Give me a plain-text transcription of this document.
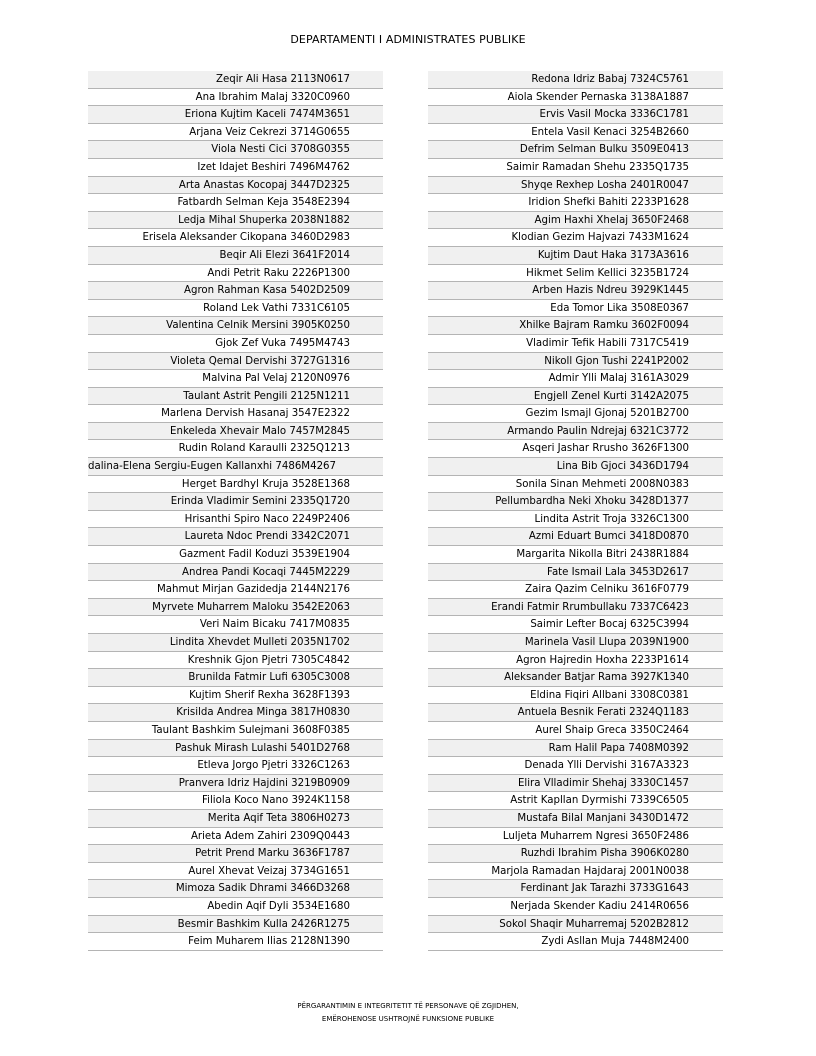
DEPARTAMENTI I ADMINISTRATES PUBLIKE
Zeqir Ali Hasa 2113N0617
Ana Ibrahim Malaj 3320C0960
Eriona Kujtim Kaceli 7474M3651
Arjana Veiz Cekrezi 3714G0655
Viola Nesti Cici 3708G0355
Izet Idajet Beshiri 7496M4762
Arta Anastas Kocopaj 3447D2325
Fatbardh Selman Keja 3548E2394
Ledja Mihal Shuperka 2038N1882
Erisela Aleksander Cikopana 3460D2983
Beqir Ali Elezi 3641F2014
Andi Petrit Raku 2226P1300
Agron Rahman Kasa 5402D2509
Roland Lek Vathi 7331C6105
Valentina Celnik Mersini 3905K0250
Gjok Zef Vuka 7495M4743
Violeta Qemal Dervishi 3727G1316
Malvina Pal Velaj 2120N0976
Taulant Astrit Pengili 2125N1211
Marlena Dervish Hasanaj 3547E2322
Enkeleda Xhevair Malo 7457M2845
Rudin Roland Karaulli 2325Q1213
dalina-Elena Sergiu-Eugen Kallanxhi 7486M4267
Herget Bardhyl Kruja 3528E1368
Erinda Vladimir Semini 2335Q1720
Hrisanthi Spiro Naco 2249P2406
Laureta Ndoc Prendi 3342C2071
Gazment Fadil Koduzi 3539E1904
Andrea Pandi Kocaqi 7445M2229
Mahmut Mirjan Gazidedja 2144N2176
Myrvete Muharrem Maloku 3542E2063
Veri Naim Bicaku 7417M0835
Lindita Xhevdet Mulleti 2035N1702
Kreshnik Gjon Pjetri 7305C4842
Brunilda Fatmir Lufi 6305C3008
Kujtim Sherif Rexha 3628F1393
Krisilda Andrea Minga 3817H0830
Taulant Bashkim Sulejmani 3608F0385
Pashuk Mirash Lulashi 5401D2768
Etleva Jorgo Pjetri 3326C1263
Pranvera Idriz Hajdini 3219B0909
Filiola Koco Nano 3924K1158
Merita Aqif Teta 3806H0273
Arieta Adem Zahiri 2309Q0443
Petrit Prend Marku 3636F1787
Aurel Xhevat Veizaj 3734G1651
Mimoza Sadik Dhrami 3466D3268
Abedin Aqif Dyli 3534E1680
Besmir Bashkim Kulla 2426R1275
Feim Muharem Ilias 2128N1390
Redona Idriz Babaj 7324C5761
Aiola Skender Pernaska 3138A1887
Ervis Vasil Mocka 3336C1781
Entela Vasil Kenaci 3254B2660
Defrim Selman Bulku 3509E0413
Saimir Ramadan Shehu 2335Q1735
Shyqe Rexhep Losha 2401R0047
Iridion Shefki Bahiti 2233P1628
Agim Haxhi Xhelaj 3650F2468
Klodian Gezim Hajvazi 7433M1624
Kujtim Daut Haka 3173A3616
Hikmet Selim Kellici 3235B1724
Arben Hazis Ndreu 3929K1445
Eda Tomor Lika 3508E0367
Xhilke Bajram Ramku 3602F0094
Vladimir Tefik Habili 7317C5419
Nikoll Gjon Tushi 2241P2002
Admir Ylli Malaj 3161A3029
Engjell Zenel Kurti 3142A2075
Gezim Ismajl Gjonaj 5201B2700
Armando Paulin Ndrejaj 6321C3772
Asqeri Jashar Rrusho 3626F1300
Lina Bib Gjoci 3436D1794
Sonila Sinan Mehmeti 2008N0383
Pellumbardha Neki Xhoku 3428D1377
Lindita Astrit Troja 3326C1300
Azmi Eduart Bumci 3418D0870
Margarita Nikolla Bitri 2438R1884
Fate Ismail Lala 3453D2617
Zaira Qazim Celniku 3616F0779
Erandi Fatmir Rrumbullaku 7337C6423
Saimir Lefter Bocaj 6325C3994
Marinela Vasil Llupa 2039N1900
Agron Hajredin Hoxha 2233P1614
Aleksander Batjar Rama 3927K1340
Eldina Fiqiri Allbani 3308C0381
Antuela Besnik Ferati 2324Q1183
Aurel Shaip Greca 3350C2464
Ram Halil Papa 7408M0392
Denada Ylli Dervishi 3167A3323
Elira Vlladimir Shehaj 3330C1457
Astrit Kapllan Dyrmishi 7339C6505
Mustafa Bilal Manjani 3430D1472
Luljeta Muharrem Ngresi 3650F2486
Ruzhdi Ibrahim Pisha 3906K0280
Marjola Ramadan Hajdaraj 2001N0038
Ferdinant Jak Tarazhi 3733G1643
Nerjada Skender Kadiu 2414R0656
Sokol Shaqir Muharremaj 5202B2812
Zydi Asllan Muja 7448M2400
PËRGARANTIMIN E INTEGRITETIT TË PERSONAVE QË ZGJIDHEN,
EMËROHENOSE USHTROJNË FUNKSIONE PUBLIKE
